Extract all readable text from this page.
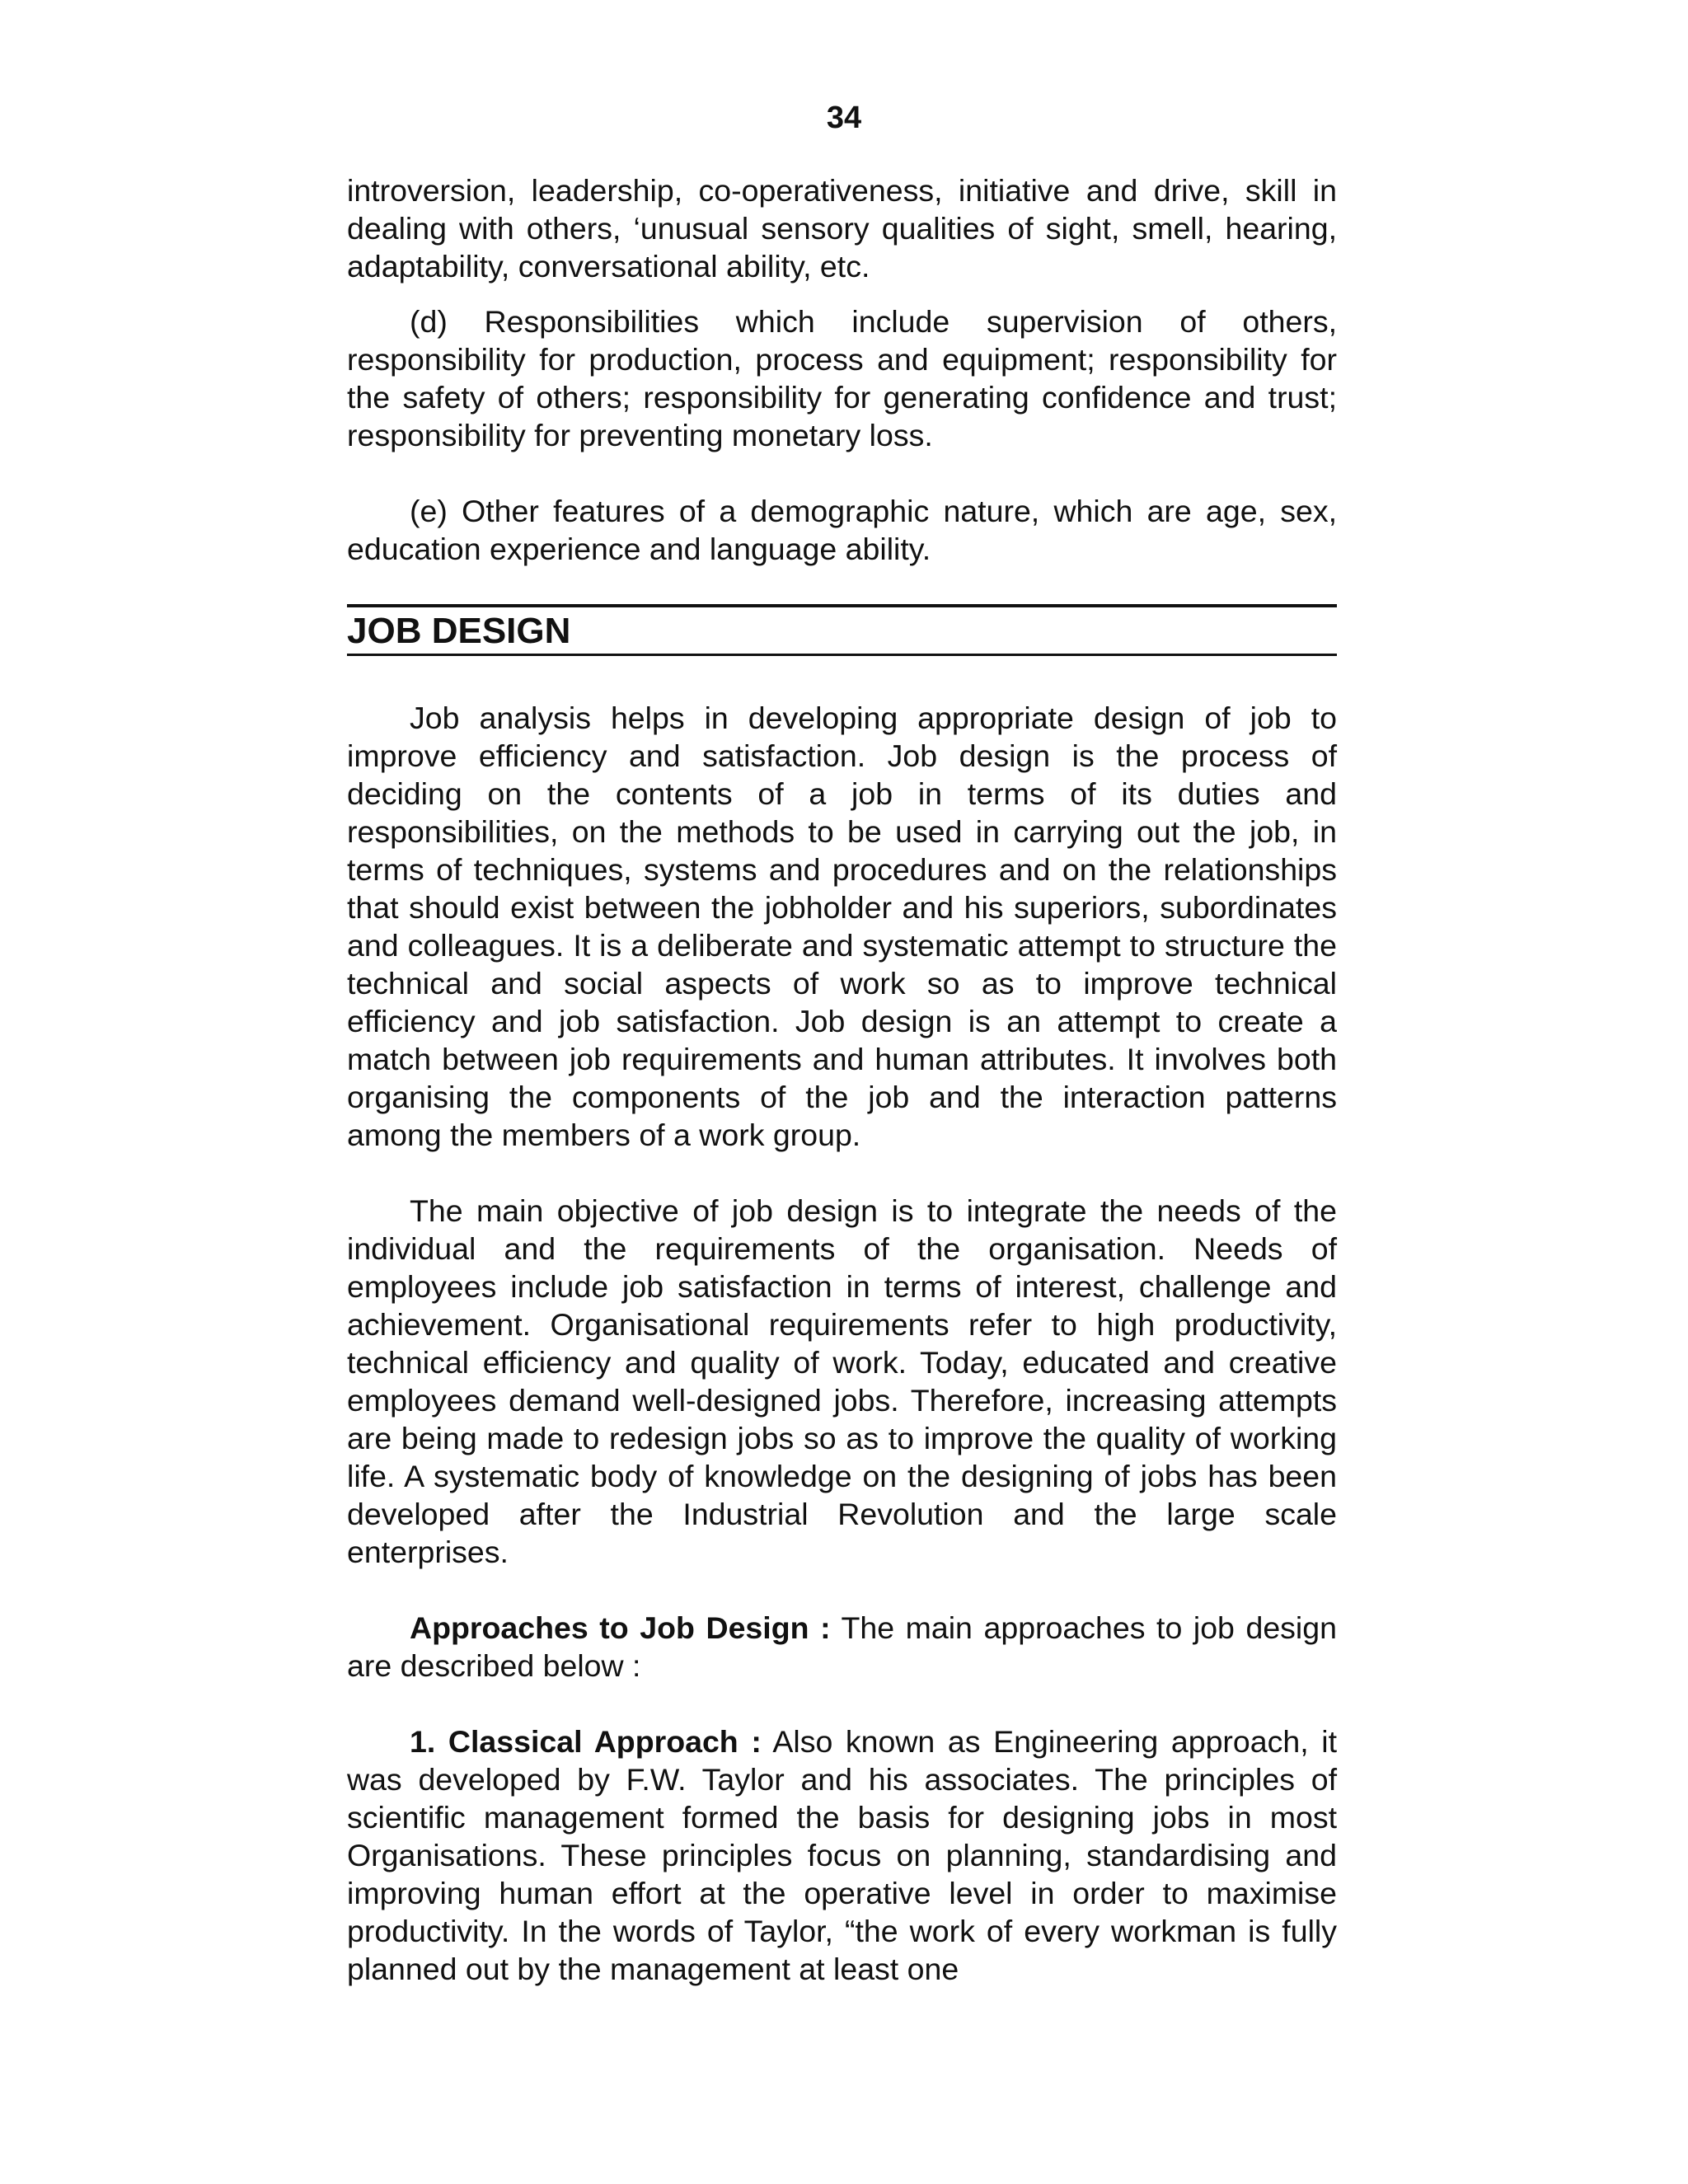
34

introversion, leadership, co-operativeness, initiative and drive, skill in dealing with others, ‘unusual sensory qualities of sight, smell, hearing, adaptability, conversational ability, etc.

(d) Responsibilities which include supervision of others, responsibility for production, process and equipment; responsibility for the safety of others; responsibility for generating confidence and trust; responsibility for preventing monetary loss.

(e) Other features of a demographic nature, which are age, sex, education experience and language ability.

JOB DESIGN

Job analysis helps in developing appropriate design of job to improve efficiency and satisfaction. Job design is the process of deciding on the contents of a job in terms of its duties and responsibilities, on the methods to be used in carrying out the job, in terms of techniques, systems and procedures and on the relationships that should exist between the jobholder and his superiors, subordinates and colleagues. It is a deliberate and systematic attempt to structure the technical and social aspects of work so as to improve technical efficiency and job satisfaction. Job design is an attempt to create a match between job requirements and human attributes. It involves both organising the components of the job and the interaction patterns among the members of a work group.

The main objective of job design is to integrate the needs of the individual and the requirements of the organisation. Needs of employees include job satisfaction in terms of interest, challenge and achievement. Organisational requirements refer to high productivity, technical efficiency and quality of work. Today, educated and creative employees demand well-designed jobs. Therefore, increasing attempts are being made to redesign jobs so as to improve the quality of working life. A systematic body of knowledge on the designing of jobs has been developed after the Industrial Revolution and the large scale enterprises.

Approaches to Job Design : The main approaches to job design are described below :

1. Classical Approach : Also known as Engineering approach, it was developed by F.W. Taylor and his associates. The principles of scientific management formed the basis for designing jobs in most Organisations. These principles focus on planning, standardising and improving human effort at the operative level in order to maximise productivity. In the words of Taylor, “the work of every workman is fully planned out by the management at least one
